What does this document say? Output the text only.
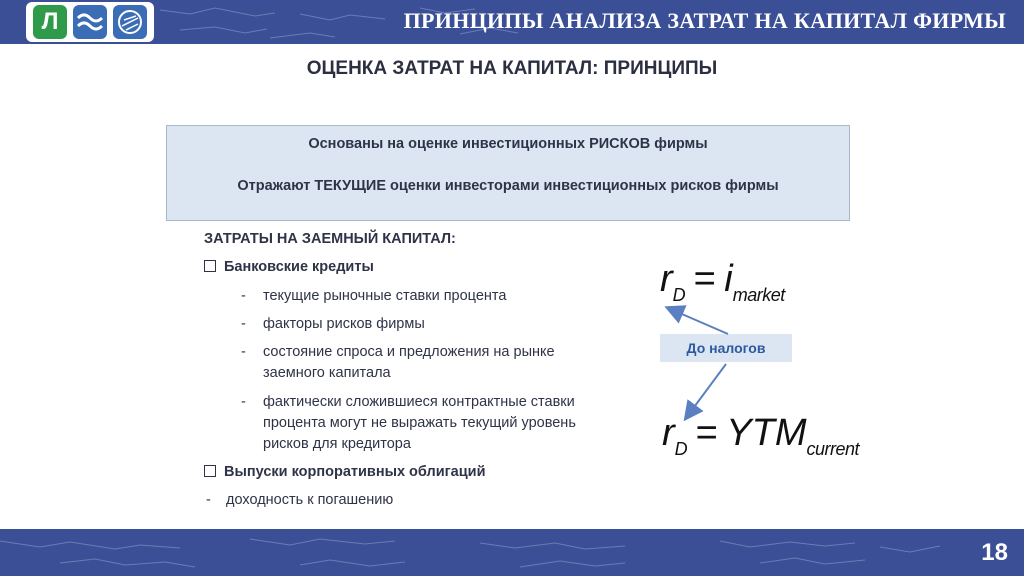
Л	ПРИНЦИПЫ АНАЛИЗА ЗАТРАТ НА КАПИТАЛ ФИРМЫ
ОЦЕНКА ЗАТРАТ НА КАПИТАЛ: ПРИНЦИПЫ
Основаны на оценке инвестиционных РИСКОВ фирмы
Отражают ТЕКУЩИЕ оценки инвесторами инвестиционных рисков фирмы
ЗАТРАТЫ НА ЗАЕМНЫЙ КАПИТАЛ:
Банковские кредиты
- текущие рыночные ставки процента
- факторы рисков фирмы
- состояние спроса и предложения на рынке заемного капитала
- фактически сложившиеся контрактные ставки процента могут не выражать текущий уровень рисков для кредитора
Выпуски корпоративных облигаций
- доходность к погашению
rD = imarket
До налогов
rD = YTMcurrent
18
